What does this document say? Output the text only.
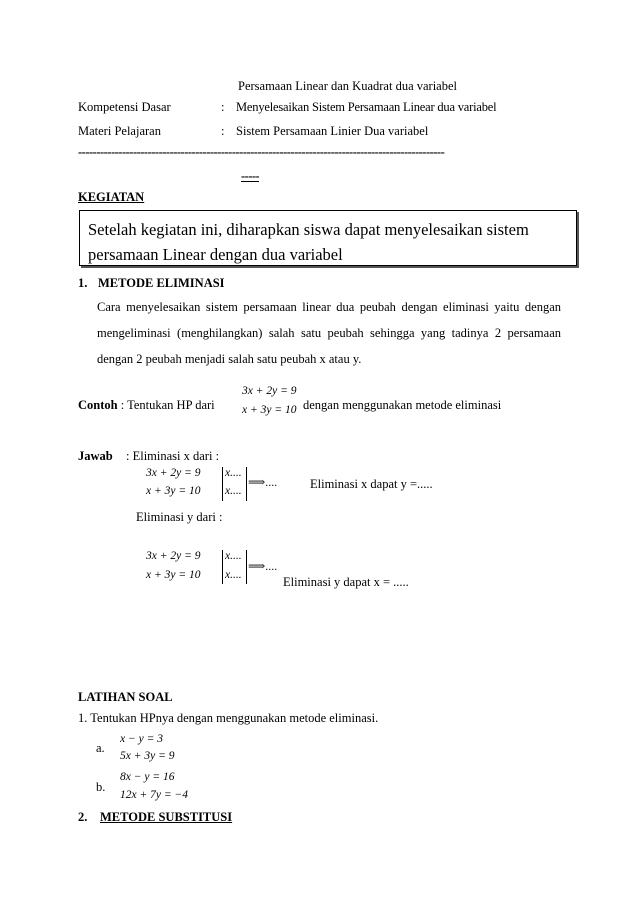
Persamaan Linear dan Kuadrat dua variabel
Kompetensi Dasar	: Menyelesaikan Sistem Persamaan Linear dua variabel
Materi Pelajaran	: Sistem Persamaan Linier Dua variabel
----------------------------------------------------------------------------------------------------
-----
KEGIATAN
Setelah kegiatan ini, diharapkan siswa dapat menyelesaikan sistem persamaan Linear dengan dua variabel
1. METODE ELIMINASI
Cara menyelesaikan sistem persamaan linear dua peubah dengan eliminasi yaitu dengan mengeliminasi (menghilangkan) salah satu peubah sehingga yang tadinya 2 persamaan dengan 2 peubah menjadi salah satu peubah x atau y.
Contoh : Tentukan HP dari
3x + 2y = 9
x + 3y = 10 dengan menggunakan metode eliminasi
Jawab : Eliminasi x dari :
3x + 2y = 9
x + 3y = 10
x....
x....
⟹....	Eliminasi x dapat y =.....
Eliminasi y dari :
3x + 2y = 9
x + 3y = 10
x....
x....
⟹....
Eliminasi y dapat x = .....
LATIHAN SOAL
1. Tentukan HPnya dengan menggunakan metode eliminasi.
a.
x − y = 3
5x + 3y = 9
b.
8x − y = 16
12x + 7y = −4
2. METODE SUBSTITUSI
